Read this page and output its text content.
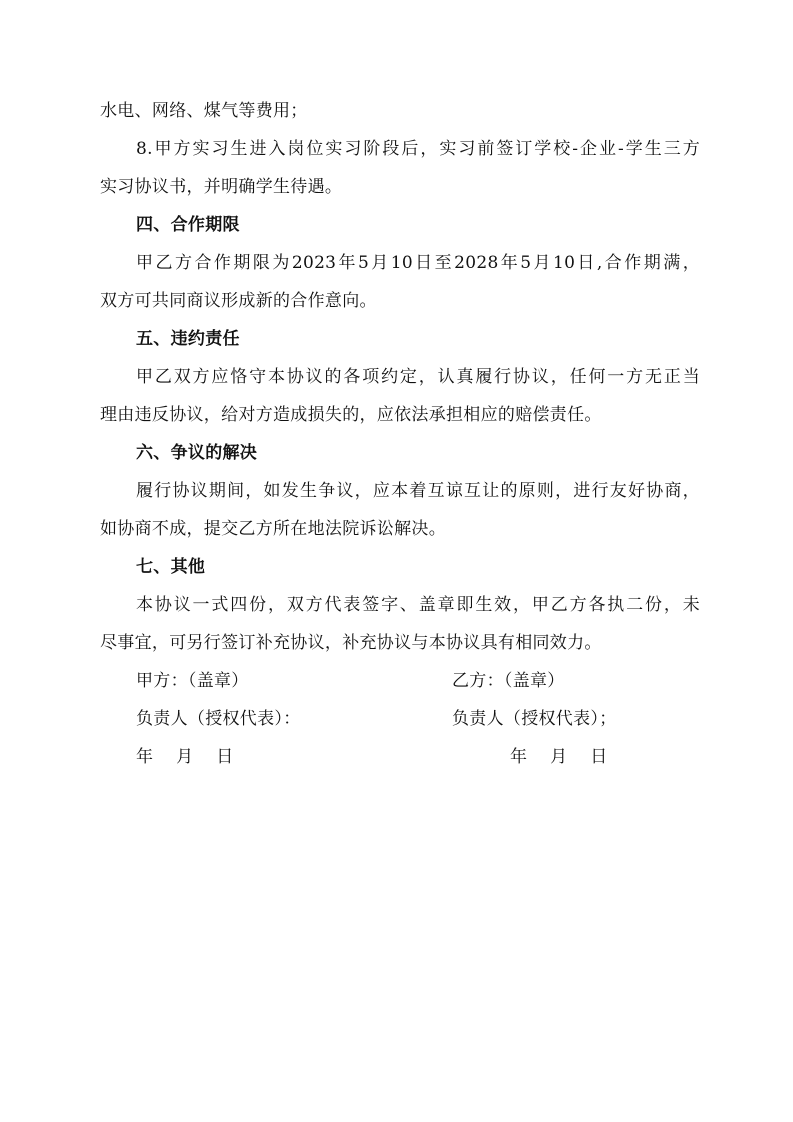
水电、网络、煤气等费用；
8.甲方实习生进入岗位实习阶段后，实习前签订学校-企业-学生三方
实习协议书，并明确学生待遇。
四、合作期限
甲乙方合作期限为2023年5月10日至2028年5月10日,合作期满，
双方可共同商议形成新的合作意向。
五、违约责任
甲乙双方应恪守本协议的各项约定，认真履行协议，任何一方无正当
理由违反协议，给对方造成损失的，应依法承担相应的赔偿责任。
六、争议的解决
履行协议期间，如发生争议，应本着互谅互让的原则，进行友好协商，
如协商不成，提交乙方所在地法院诉讼解决。
七、其他
本协议一式四份，双方代表签字、盖章即生效，甲乙方各执二份，未
尽事宜，可另行签订补充协议，补充协议与本协议具有相同效力。
甲方：（盖章）	乙方：（盖章）
负责人（授权代表）：	负责人（授权代表）；
年    月    日	年    月    日
